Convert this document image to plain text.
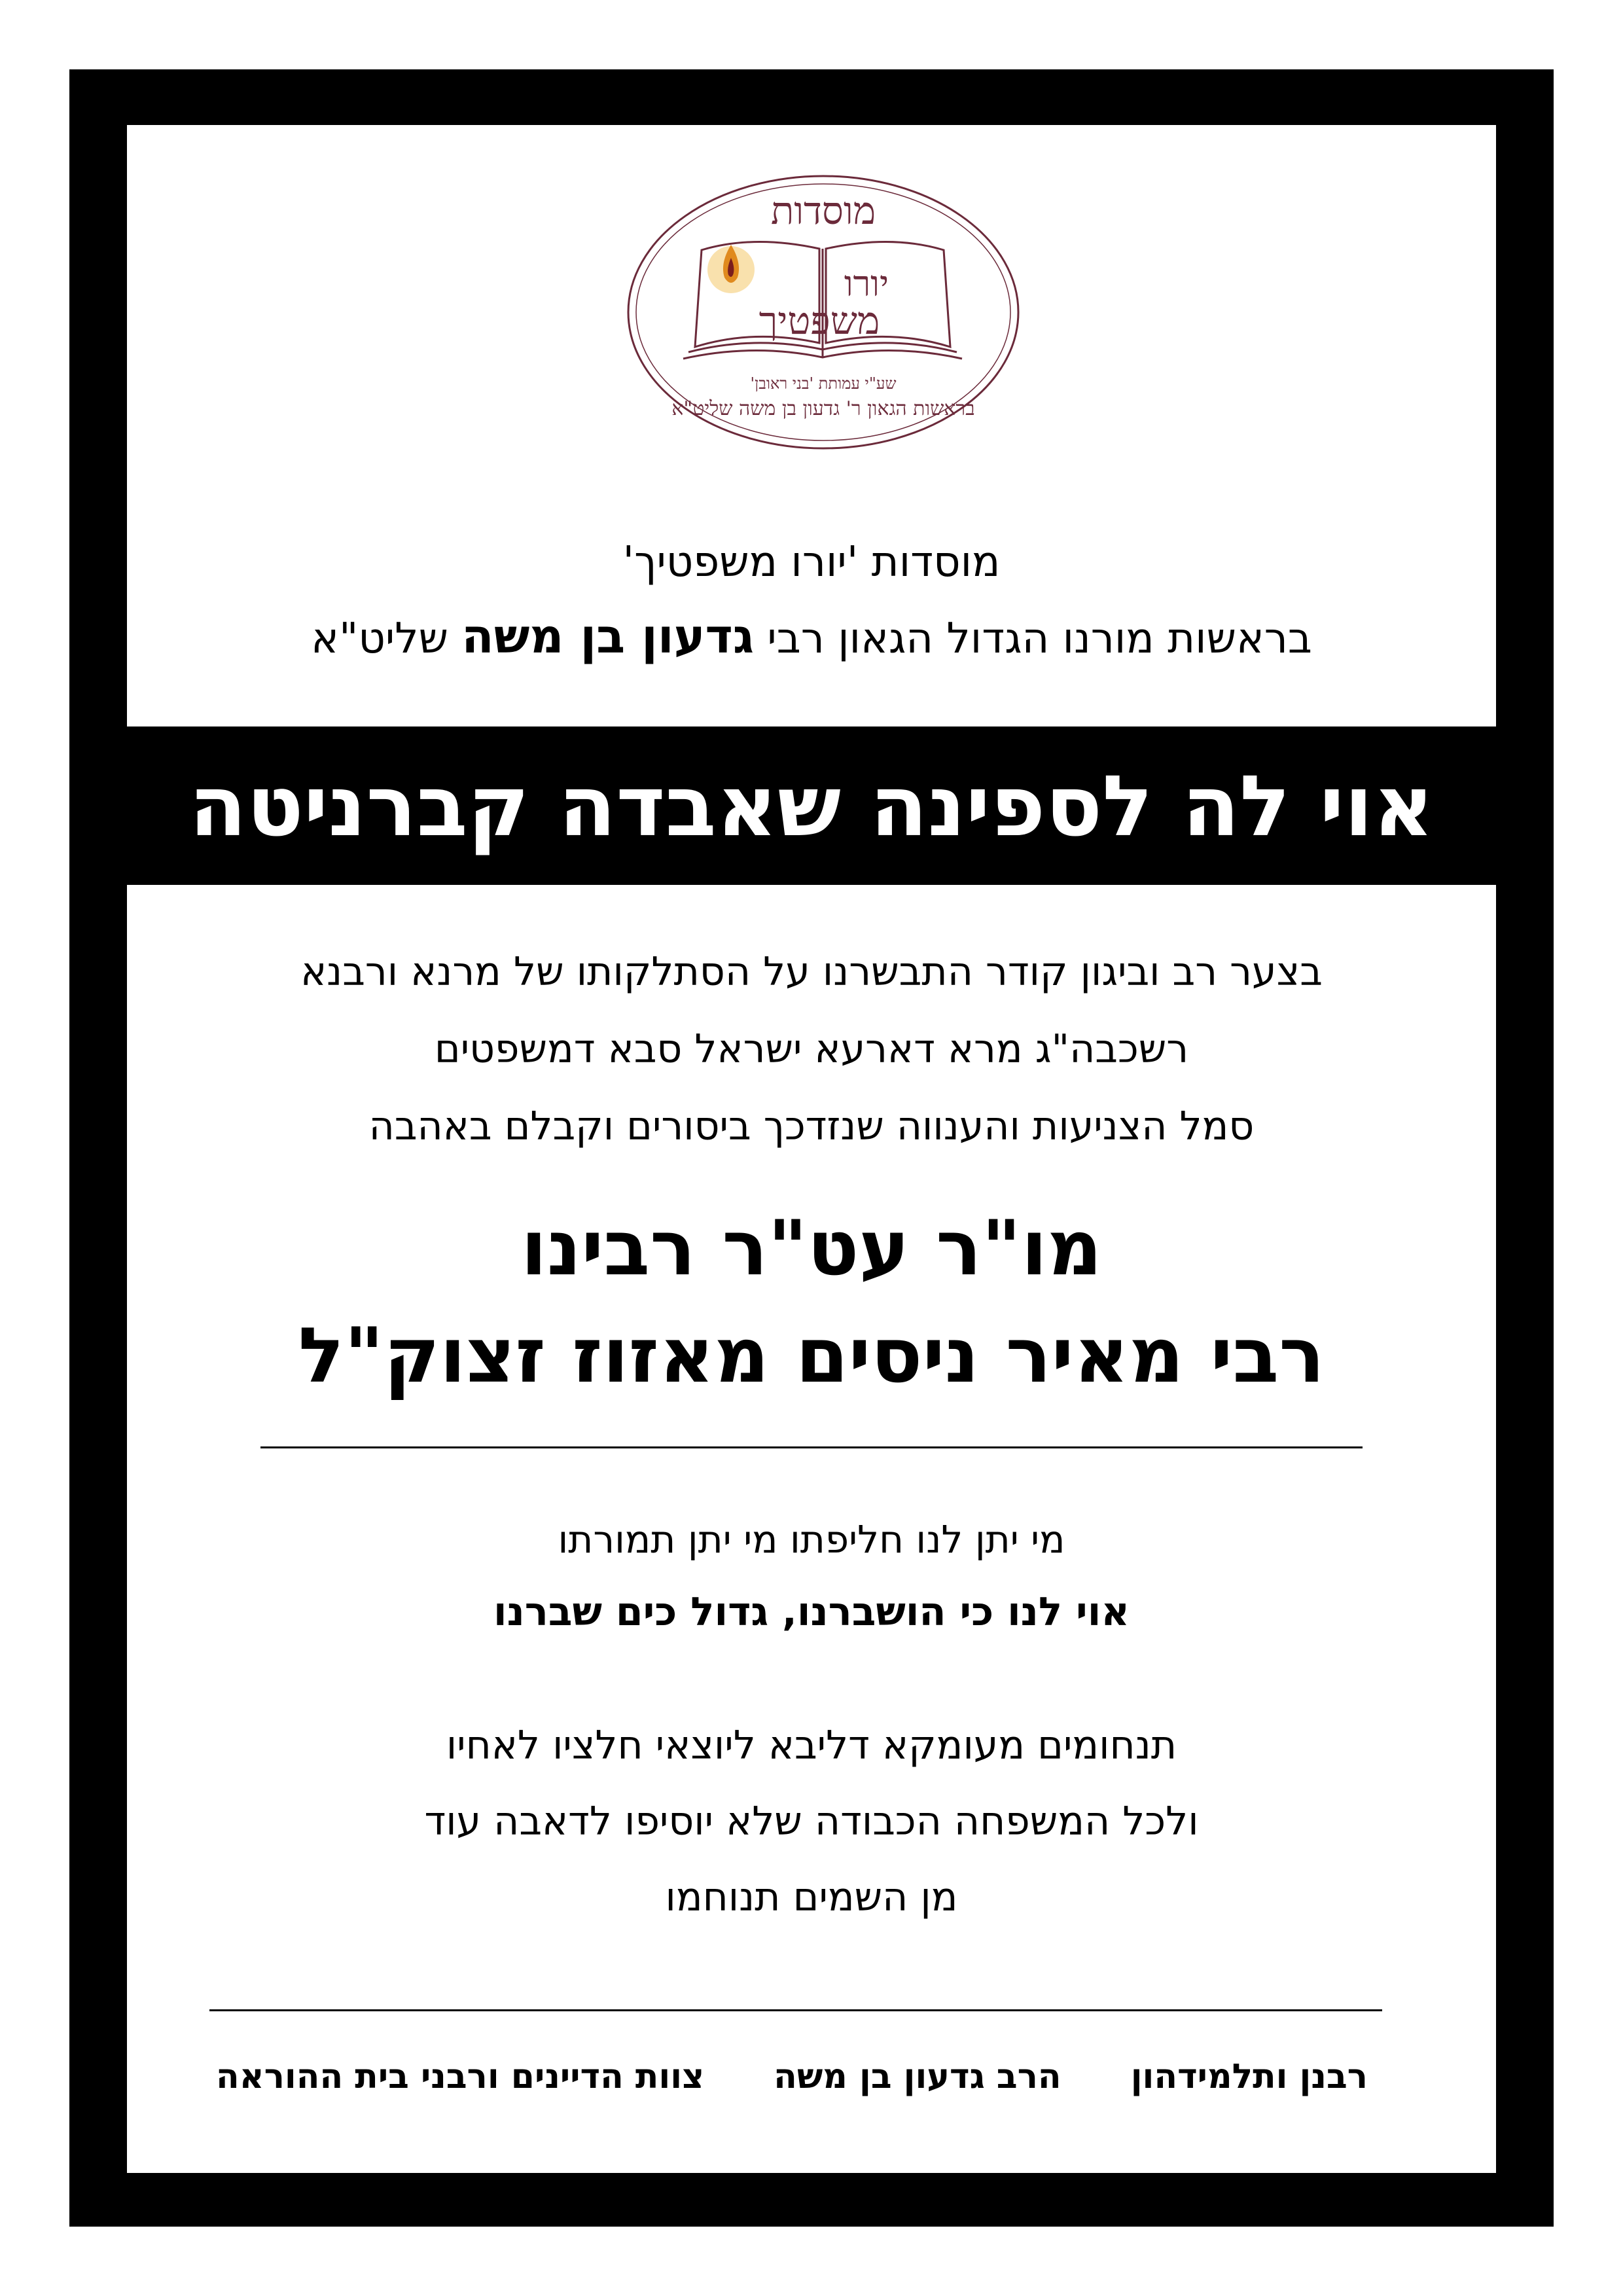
מוסדות
יורו
משפטיך
שע"י עמותת 'בני ראובן'
בראשות הגאון ר' גדעון בן משה שליט"א
מוסדות 'יורו משפטיך'
בראשות מורנו הגדול הגאון רבי גדעון בן משה שליט"א
אוי לה לספינה שאבדה קברניטה
בצער רב וביגון קודר התבשרנו על הסתלקותו של מרנא ורבנא
רשכבה"ג מרא דארעא ישראל סבא דמשפטים
סמל הצניעות והענווה שנזדכך ביסורים וקבלם באהבה
מו"ר עט"ר רבינו
רבי מאיר ניסים מאזוז זצוק"ל
מי יתן לנו חליפתו מי יתן תמורתו
אוי לנו כי הושברנו, גדול כים שברנו
תנחומים מעומקא דליבא ליוצאי חלציו לאחיו
ולכל המשפחה הכבודה שלא יוסיפו לדאבה עוד
מן השמים תנוחמו
רבנן ותלמידהון
הרב גדעון בן משה
צוות הדיינים ורבני בית ההוראה
